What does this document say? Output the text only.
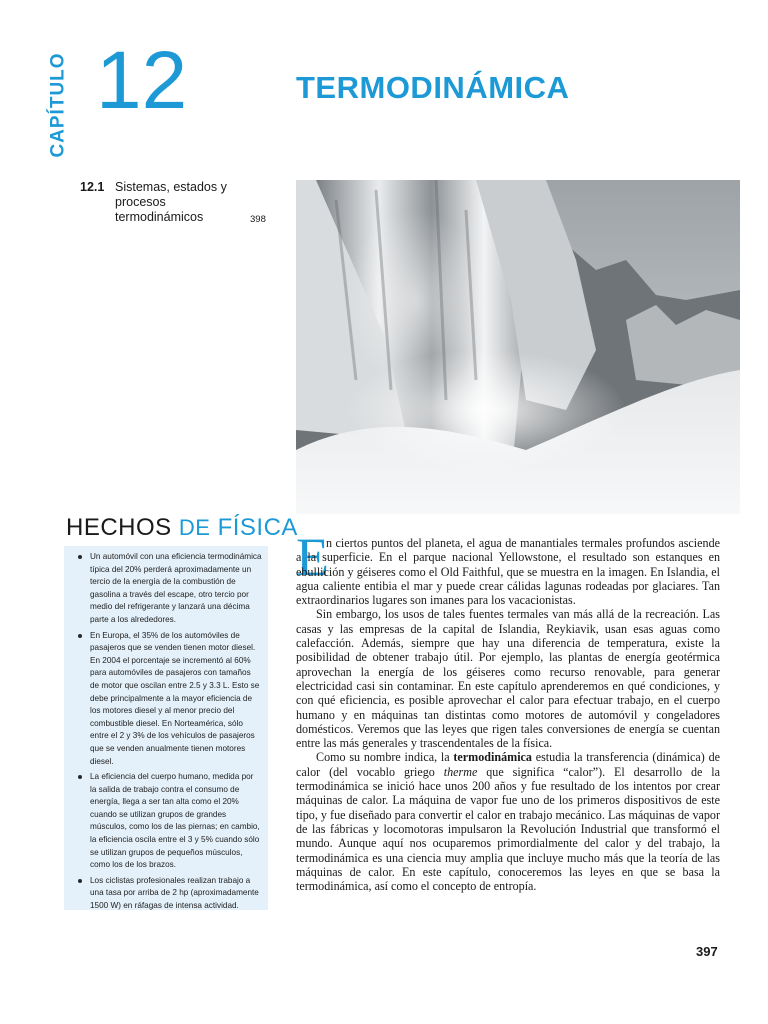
CAPÍTULO 12	TERMODINÁMICA
12.1 Sistemas, estados y procesos termodinámicos	398
HECHOS DE FÍSICA
Un automóvil con una eficiencia termodinámica típica del 20% perderá aproximadamente un tercio de la energía de la combustión de gasolina a través del escape, otro tercio por medio del refrigerante y lanzará una décima parte a los alrededores.
En Europa, el 35% de los automóviles de pasajeros que se venden tienen motor diesel. En 2004 el porcentaje se incrementó al 60% para automóviles de pasajeros con tamaños de motor que oscilan entre 2.5 y 3.3 L. Esto se debe principalmente a la mayor eficiencia de los motores diesel y al menor precio del combustible diesel. En Norteamérica, sólo entre el 2 y 3% de los vehículos de pasajeros que se venden anualmente tienen motores diesel.
La eficiencia del cuerpo humano, medida por la salida de trabajo contra el consumo de energía, llega a ser tan alta como el 20% cuando se utilizan grupos de grandes músculos, como los de las piernas; en cambio, la eficiencia oscila entre el 3 y 5% cuando sólo se utilizan grupos de pequeños músculos, como los de los brazos.
Los ciclistas profesionales realizan trabajo a una tasa por arriba de 2 hp (aproximadamente 1500 W) en ráfagas de intensa actividad.
E

n ciertos puntos del planeta, el agua de manantiales termales profundos asciende a la superficie. En el parque nacional Yellowstone, el resultado son estanques en ebullición y géiseres como el Old Faithful, que se muestra en la imagen. En Islandia, el agua caliente entibia el mar y puede crear cálidas lagunas rodeadas por glaciares. Tan extraordinarios lugares son imanes para los vacacionistas.

Sin embargo, los usos de tales fuentes termales van más allá de la recreación. Las casas y las empresas de la capital de Islandia, Reykiavik, usan esas aguas como calefacción. Además, siempre que hay una diferencia de temperatura, existe la posibilidad de obtener trabajo útil. Por ejemplo, las plantas de energía geotérmica aprovechan la energía de los géiseres como recurso renovable, para generar electricidad casi sin contaminar. En este capítulo aprenderemos en qué condiciones, y con qué eficiencia, es posible aprovechar el calor para efectuar trabajo, en el cuerpo humano y en máquinas tan distintas como motores de automóvil y congeladores domésticos. Veremos que las leyes que rigen tales conversiones de energía se cuentan entre las más generales y trascendentales de la física.

Como su nombre indica, la termodinámica estudia la transferencia (dinámica) de calor (del vocablo griego therme que significa “calor”). El desarrollo de la termodinámica se inició hace unos 200 años y fue resultado de los intentos por crear máquinas de calor. La máquina de vapor fue uno de los primeros dispositivos de este tipo, y fue diseñado para convertir el calor en trabajo mecánico. Las máquinas de vapor de las fábricas y locomotoras impulsaron la Revolución Industrial que transformó el mundo. Aunque aquí nos ocuparemos primordialmente del calor y del trabajo, la termodinámica es una ciencia muy amplia que incluye mucho más que la teoría de las máquinas de calor. En este capítulo, conoceremos las leyes en que se basa la termodinámica, así como el concepto de entropía.

397
